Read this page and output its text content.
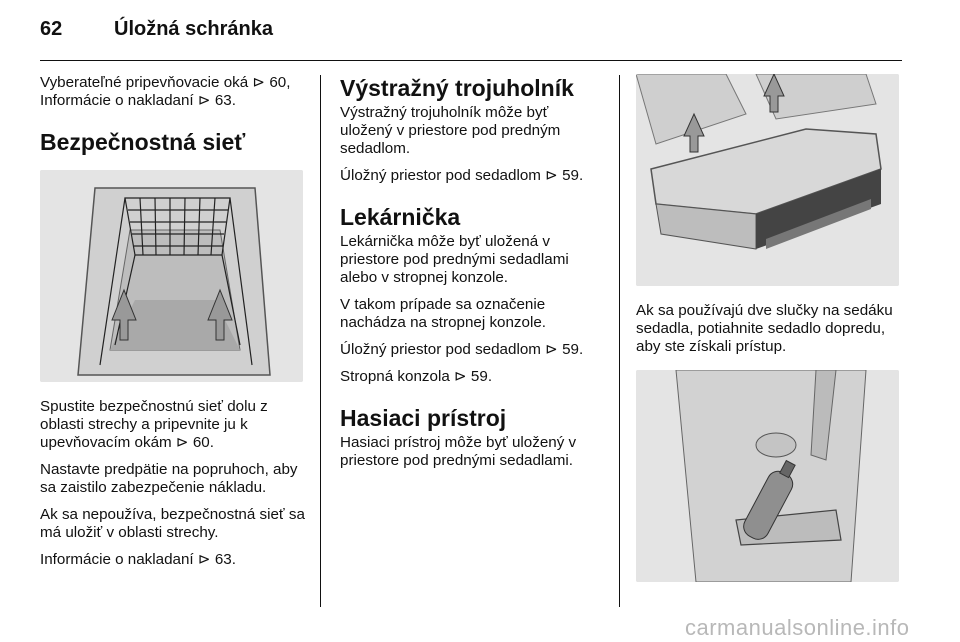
62	Úložná schránka

Vyberateľné pripevňovacie oká ⊳ 60, Informácie o nakladaní ⊳ 63.

Bezpečnostná sieť

Spustite bezpečnostnú sieť dolu z oblasti strechy a pripevnite ju k upevňovacím okám ⊳ 60.

Nastavte predpätie na popruhoch, aby sa zaistilo zabezpečenie nákladu.

Ak sa nepoužíva, bezpečnostná sieť sa má uložiť v oblasti strechy.

Informácie o nakladaní ⊳ 63.

Výstražný trojuholník

Výstražný trojuholník môže byť uložený v priestore pod predným sedadlom.

Úložný priestor pod sedadlom ⊳ 59.

Lekárnička

Lekárnička môže byť uložená v priestore pod prednými sedadlami alebo v stropnej konzole.

V takom prípade sa označenie nachádza na stropnej konzole.

Úložný priestor pod sedadlom ⊳ 59.

Stropná konzola ⊳ 59.

Hasiaci prístroj

Hasiaci prístroj môže byť uložený v priestore pod prednými sedadlami.

Ak sa používajú dve slučky na sedáku sedadla, potiahnite sedadlo dopredu, aby ste získali prístup.

carmanualsonline.info
